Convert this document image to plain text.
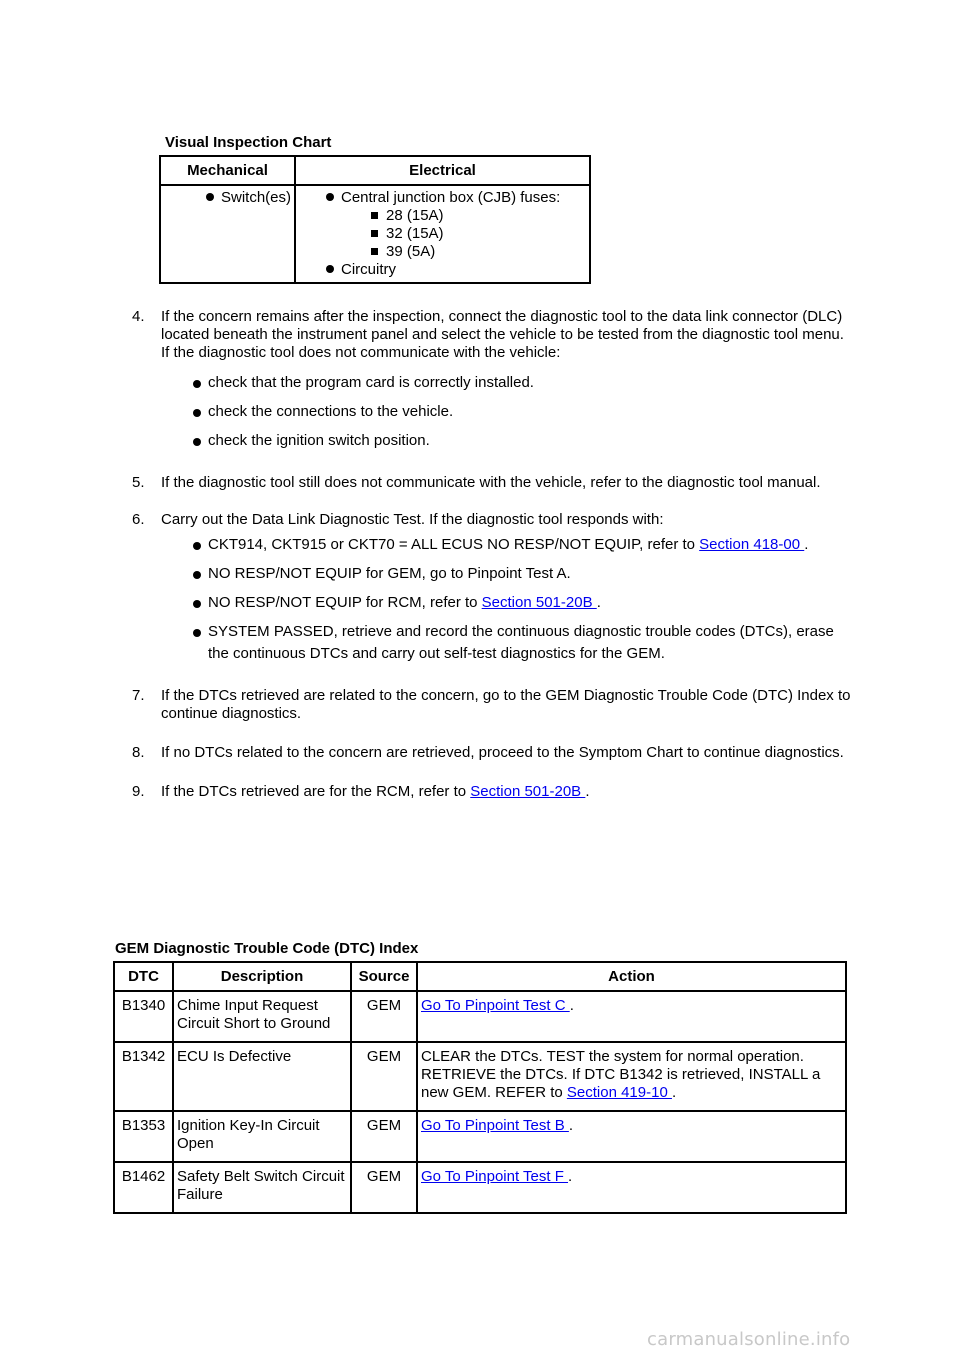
Visual Inspection Chart
Mechanical	Electrical
Switch(es)	Central junction box (CJB) fuses:
28 (15A)
32 (15A)
39 (5A)
Circuitry
4.	If the concern remains after the inspection, connect the diagnostic tool to the data link connector (DLC) located beneath the instrument panel and select the vehicle to be tested from the diagnostic tool menu. If the diagnostic tool does not communicate with the vehicle:
check that the program card is correctly installed.
check the connections to the vehicle.
check the ignition switch position.
5.	If the diagnostic tool still does not communicate with the vehicle, refer to the diagnostic tool manual.
6.	Carry out the Data Link Diagnostic Test. If the diagnostic tool responds with:
CKT914, CKT915 or CKT70 = ALL ECUS NO RESP/NOT EQUIP, refer to Section 418-00 .
NO RESP/NOT EQUIP for GEM, go to Pinpoint Test A.
NO RESP/NOT EQUIP for RCM, refer to Section 501-20B .
SYSTEM PASSED, retrieve and record the continuous diagnostic trouble codes (DTCs), erase the continuous DTCs and carry out self-test diagnostics for the GEM.
7.	If the DTCs retrieved are related to the concern, go to the GEM Diagnostic Trouble Code (DTC) Index to continue diagnostics.
8.	If no DTCs related to the concern are retrieved, proceed to the Symptom Chart to continue diagnostics.
9.	If the DTCs retrieved are for the RCM, refer to Section 501-20B .
GEM Diagnostic Trouble Code (DTC) Index
DTC	Description	Source	Action
B1340	Chime Input Request Circuit Short to Ground	GEM	Go To Pinpoint Test C .
B1342	ECU Is Defective	GEM	CLEAR the DTCs. TEST the system for normal operation. RETRIEVE the DTCs. If DTC B1342 is retrieved, INSTALL a new GEM. REFER to Section 419-10 .
B1353	Ignition Key-In Circuit Open	GEM	Go To Pinpoint Test B .
B1462	Safety Belt Switch Circuit Failure	GEM	Go To Pinpoint Test F .
carmanualsonline.info
